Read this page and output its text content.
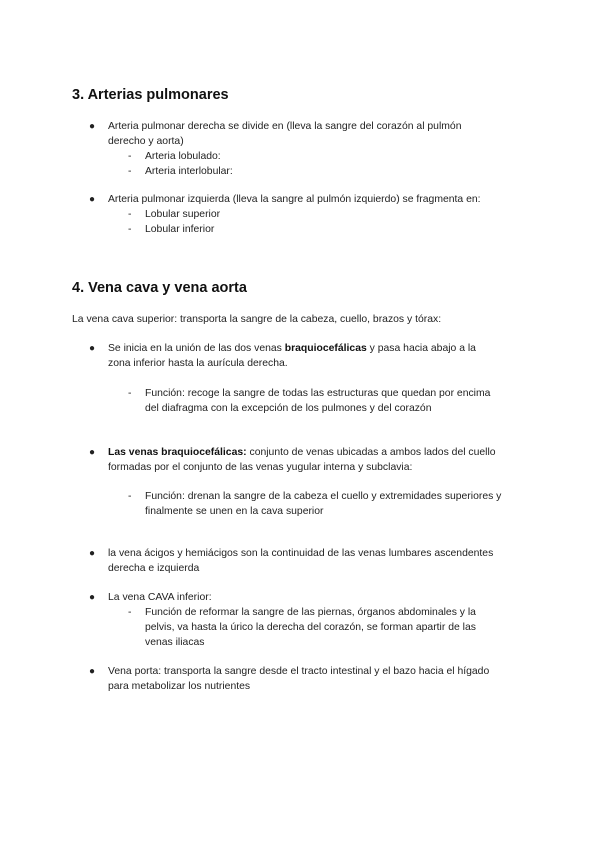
3. Arterias pulmonares
● Arteria pulmonar derecha se divide en (lleva la sangre del corazón al pulmón
derecho y aorta)
- Arteria lobulado:
- Arteria interlobular:
● Arteria pulmonar izquierda (lleva la sangre al pulmón izquierdo) se fragmenta en:
- Lobular superior
- Lobular inferior
4. Vena cava y vena aorta
La vena cava superior: transporta la sangre de la cabeza, cuello, brazos y tórax:
● Se inicia en la unión de las dos venas braquiocefálicas y pasa hacia abajo a la
zona inferior hasta la aurícula derecha.
- Función: recoge la sangre de todas las estructuras que quedan por encima
del diafragma con la excepción de los pulmones y del corazón
● Las venas braquiocefálicas: conjunto de venas ubicadas a ambos lados del cuello
formadas por el conjunto de las venas yugular interna y subclavia:
- Función: drenan la sangre de la cabeza el cuello y extremidades superiores y
finalmente se unen en la cava superior
● la vena ácigos y hemiácigos son la continuidad de las venas lumbares ascendentes
derecha e izquierda
● La vena CAVA inferior:
- Función de reformar la sangre de las piernas, órganos abdominales y la
pelvis, va hasta la úrico la derecha del corazón, se forman apartir de las
venas iliacas
● Vena porta: transporta la sangre desde el tracto intestinal y el bazo hacia el hígado
para metabolizar los nutrientes
